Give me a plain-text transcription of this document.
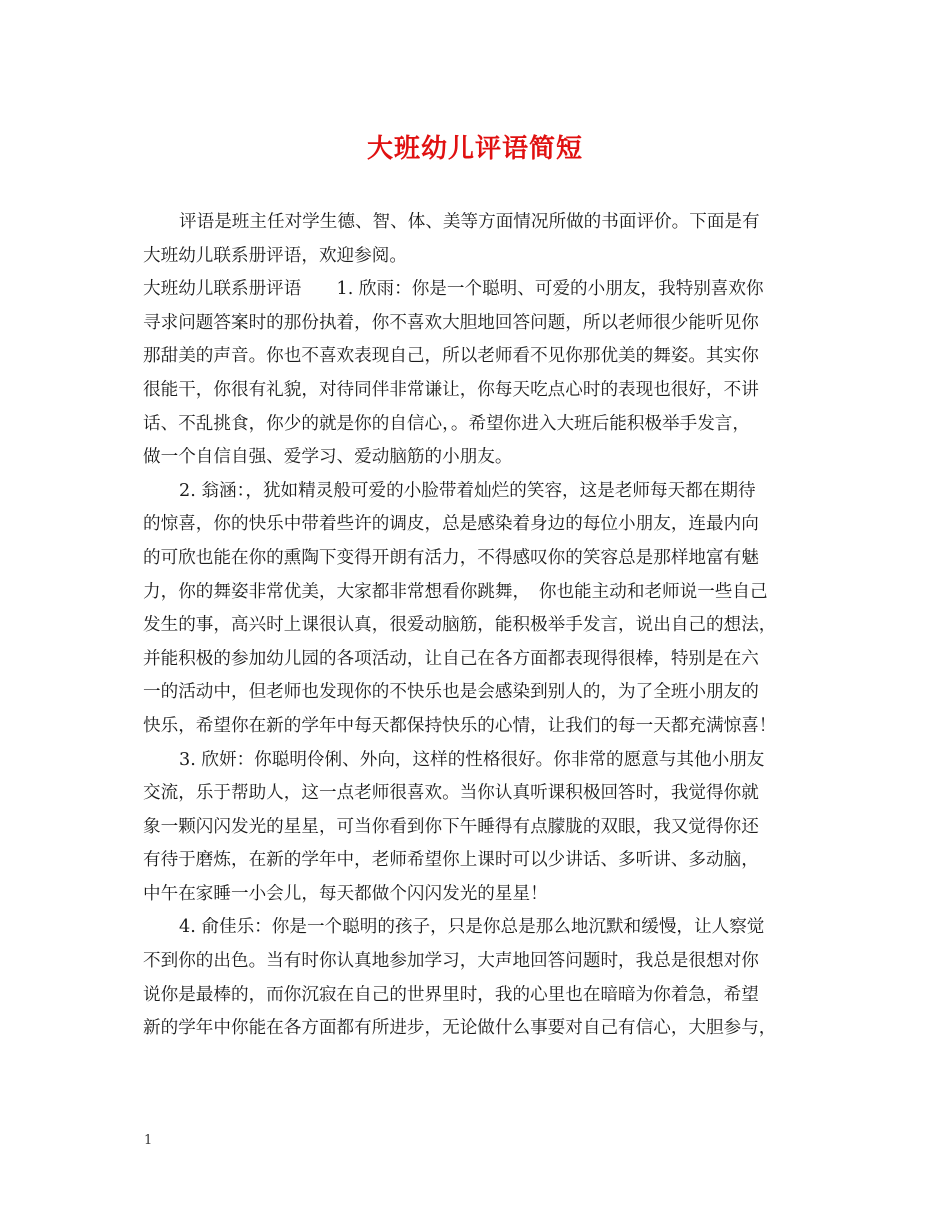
大班幼儿评语简短
评语是班主任对学生德、智、体、美等方面情况所做的书面评价。下面是有
大班幼儿联系册评语，欢迎参阅。
大班幼儿联系册评语　　1. 欣雨：你是一个聪明、可爱的小朋友，我特别喜欢你
寻求问题答案时的那份执着，你不喜欢大胆地回答问题，所以老师很少能听见你
那甜美的声音。你也不喜欢表现自己，所以老师看不见你那优美的舞姿。其实你
很能干，你很有礼貌，对待同伴非常谦让，你每天吃点心时的表现也很好，不讲
话、不乱挑食，你少的就是你的自信心，。希望你进入大班后能积极举手发言，
做一个自信自强、爱学习、爱动脑筋的小朋友。
2. 翁涵：，犹如精灵般可爱的小脸带着灿烂的笑容，这是老师每天都在期待
的惊喜，你的快乐中带着些许的调皮，总是感染着身边的每位小朋友，连最内向
的可欣也能在你的熏陶下变得开朗有活力，不得感叹你的笑容总是那样地富有魅
力，你的舞姿非常优美，大家都非常想看你跳舞，　你也能主动和老师说一些自己
发生的事，高兴时上课很认真，很爱动脑筋，能积极举手发言，说出自己的想法，
并能积极的参加幼儿园的各项活动，让自己在各方面都表现得很棒，特别是在六
一的活动中，但老师也发现你的不快乐也是会感染到别人的，为了全班小朋友的
快乐，希望你在新的学年中每天都保持快乐的心情，让我们的每一天都充满惊喜！
3. 欣妍：你聪明伶俐、外向，这样的性格很好。你非常的愿意与其他小朋友
交流，乐于帮助人，这一点老师很喜欢。当你认真听课积极回答时，我觉得你就
象一颗闪闪发光的星星，可当你看到你下午睡得有点朦胧的双眼，我又觉得你还
有待于磨炼，在新的学年中，老师希望你上课时可以少讲话、多听讲、多动脑，
中午在家睡一小会儿，每天都做个闪闪发光的星星！
4. 俞佳乐：你是一个聪明的孩子，只是你总是那么地沉默和缓慢，让人察觉
不到你的出色。当有时你认真地参加学习，大声地回答问题时，我总是很想对你
说你是最棒的，而你沉寂在自己的世界里时，我的心里也在暗暗为你着急，希望
新的学年中你能在各方面都有所进步，无论做什么事要对自己有信心，大胆参与，
1
